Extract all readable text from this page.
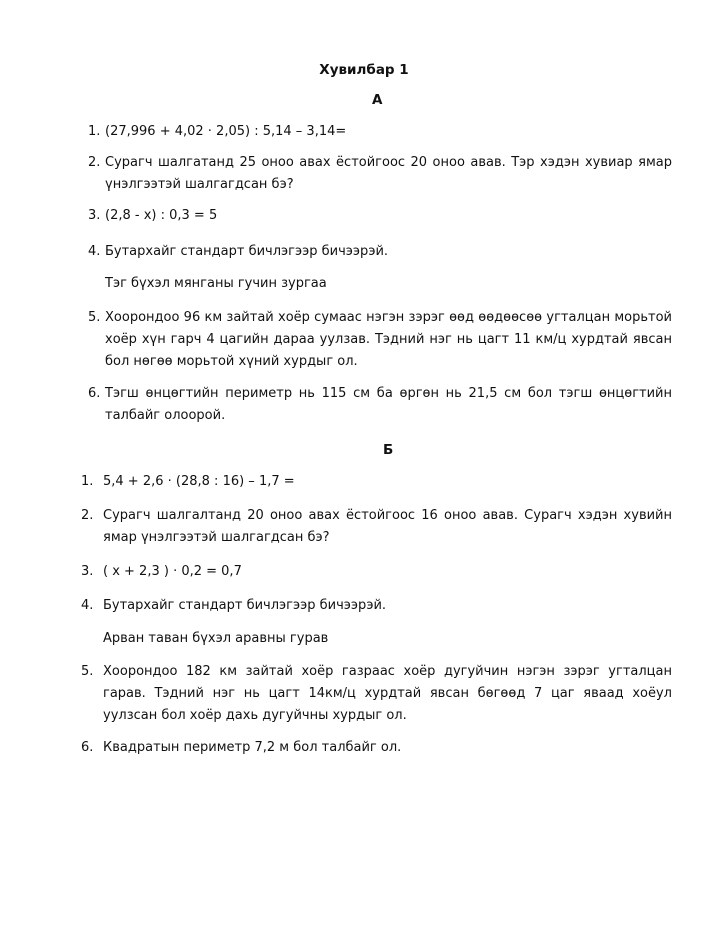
Хувилбар 1
А
1. (27,996 + 4,02 · 2,05) : 5,14 – 3,14=

2. Сурагч шалгатанд 25 оноо авах ёстойгоос 20 оноо авав. Тэр хэдэн хувиар ямар үнэлгээтэй шалгагдсан бэ?

3. (2,8 - х) : 0,3 = 5

4. Бутархайг стандарт бичлэгээр бичээрэй.

Тэг бүхэл мянганы гучин зургаа

5. Хоорондоо 96 км зайтай хоёр сумаас нэгэн зэрэг өөд өөдөөсөө угталцан морьтой хоёр хүн гарч 4 цагийн дараа уулзав. Тэдний нэг нь цагт 11 км/ц хурдтай явсан бол нөгөө морьтой хүний хурдыг ол.

6. Тэгш өнцөгтийн периметр нь 115 см ба өргөн нь 21,5 см бол тэгш өнцөгтийн талбайг олоорой.

Б
1. 5,4 + 2,6 · (28,8 : 16) – 1,7 =

2. Сурагч шалгалтанд 20 оноо авах ёстойгоос 16 оноо авав. Сурагч хэдэн хувийн ямар үнэлгээтэй шалгагдсан бэ?

3. ( х + 2,3 ) · 0,2 = 0,7

4. Бутархайг стандарт бичлэгээр бичээрэй.

Арван таван бүхэл аравны гурав

5. Хоорондоо 182 км зайтай хоёр газраас хоёр дугуйчин нэгэн зэрэг угталцан гарав. Тэдний нэг нь цагт 14км/ц хурдтай явсан бөгөөд 7 цаг яваад хоёул уулзсан бол хоёр дахь дугуйчны хурдыг ол.

6. Квадратын периметр 7,2 м бол талбайг ол.
